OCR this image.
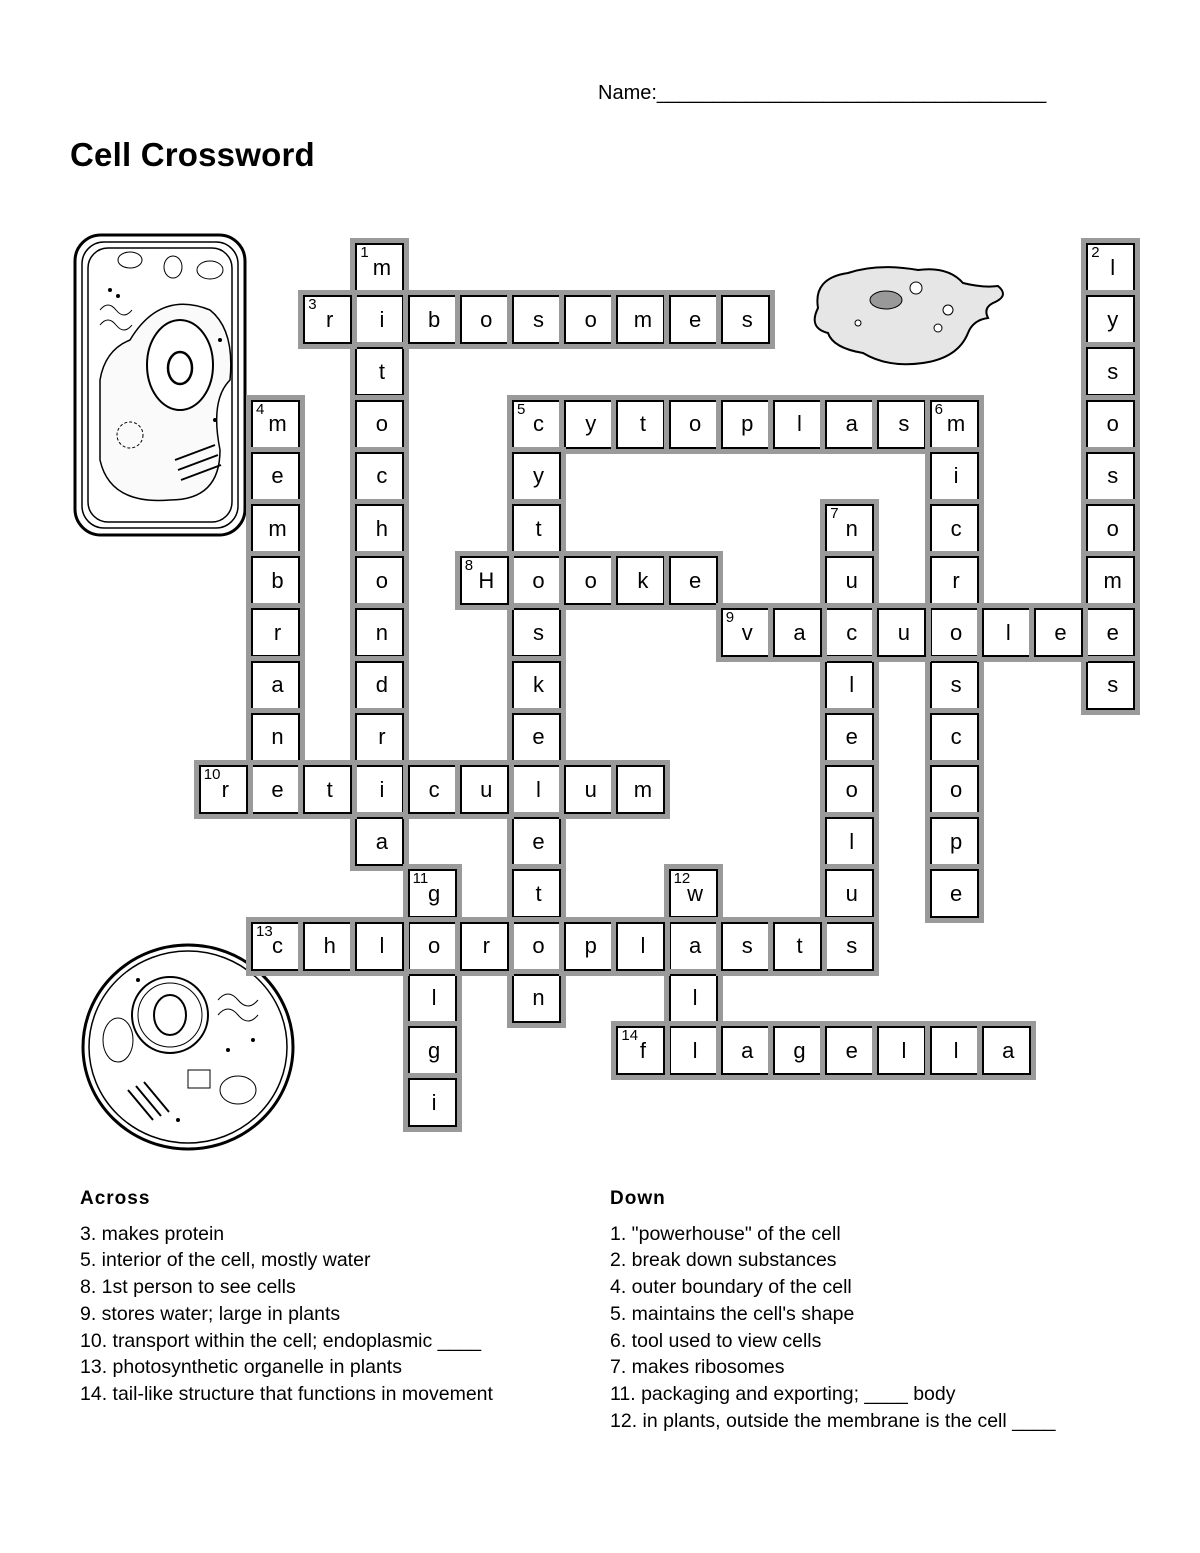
Name:___________________________________
Cell Crossword
1
m
i
t
o
c
h
o
n
d
r
i
a
2
l
y
s
o
s
o
m
e
s
3
r	b o s o m e s
4
m
e
m
b
r
a
n
e
5
c y t o p l a s
6
m
y
t
o
s
k
e
l
e
t
o
n
i
c
r
o
s
c
o
p
e
7
n
u
c
l
e
o
l
u
s
8
H	o k e
9
v a	u	l e
10
r	t	c u	u m
11
g
o
l
g
i
12
w
a
l
l
13
c h l	r	p l	s t
14
f	a g e l l a
Across
3. makes protein
5. interior of the cell, mostly water
8. 1st person to see cells
9. stores water; large in plants
10. transport within the cell; endoplasmic ____
13. photosynthetic organelle in plants
14. tail-like structure that functions in movement
Down
1. "powerhouse" of the cell
2. break down substances
4. outer boundary of the cell
5. maintains the cell's shape
6. tool used to view cells
7. makes ribosomes
11. packaging and exporting; ____ body
12. in plants, outside the membrane is the cell ____
